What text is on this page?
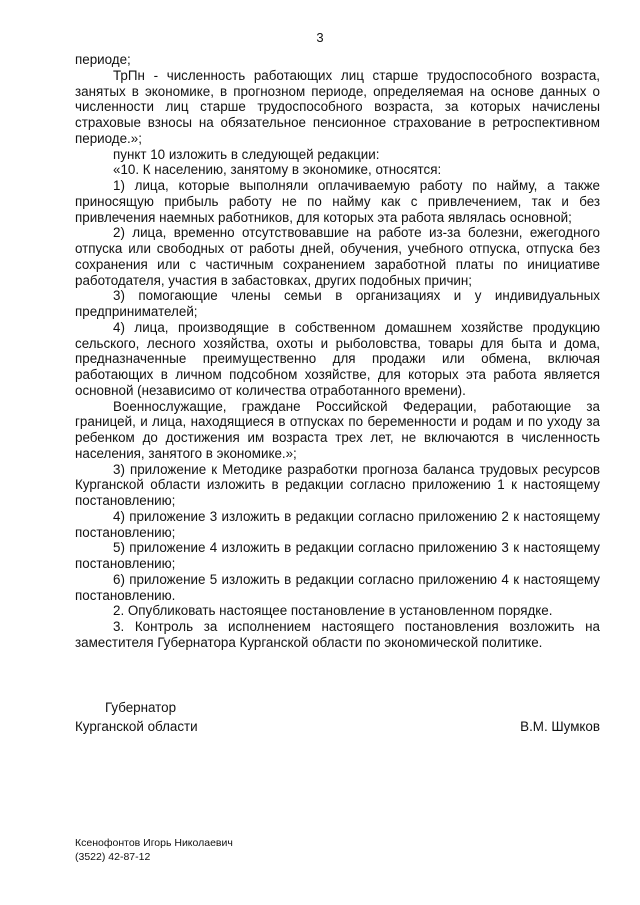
3

периоде;

ТрПн - численность работающих лиц старше трудоспособного возраста, занятых в экономике, в прогнозном периоде, определяемая на основе данных о численности лиц старше трудоспособного возраста, за которых начислены страховые взносы на обязательное пенсионное страхование в ретроспективном периоде.»;

пункт 10 изложить в следующей редакции:

«10. К населению, занятому в экономике, относятся:

1) лица, которые выполняли оплачиваемую работу по найму, а также приносящую прибыль работу не по найму как с привлечением, так и без привлечения наемных работников, для которых эта работа являлась основной;

2) лица, временно отсутствовавшие на работе из-за болезни, ежегодного отпуска или свободных от работы дней, обучения, учебного отпуска, отпуска без сохранения или с частичным сохранением заработной платы по инициативе работодателя, участия в забастовках, других подобных причин;

3) помогающие члены семьи в организациях и у индивидуальных предпринимателей;

4) лица, производящие в собственном домашнем хозяйстве продукцию сельского, лесного хозяйства, охоты и рыболовства, товары для быта и дома, предназначенные преимущественно для продажи или обмена, включая работающих в личном подсобном хозяйстве, для которых эта работа является основной (независимо от количества отработанного времени).

Военнослужащие, граждане Российской Федерации, работающие за границей, и лица, находящиеся в отпусках по беременности и родам и по уходу за ребенком до достижения им возраста трех лет, не включаются в численность населения, занятого в экономике.»;

3) приложение к Методике разработки прогноза баланса трудовых ресурсов Курганской области изложить в редакции согласно приложению 1 к настоящему постановлению;

4) приложение 3 изложить в редакции согласно приложению 2 к настоящему постановлению;

5) приложение 4 изложить в редакции согласно приложению 3 к настоящему постановлению;

6) приложение 5 изложить в редакции согласно приложению 4 к настоящему постановлению.

2. Опубликовать настоящее постановление в установленном порядке.

3. Контроль за исполнением настоящего постановления возложить на заместителя Губернатора Курганской области по экономической политике.

Губернатор
Курганской области	В.М. Шумков
Ксенофонтов Игорь Николаевич
(3522) 42-87-12
